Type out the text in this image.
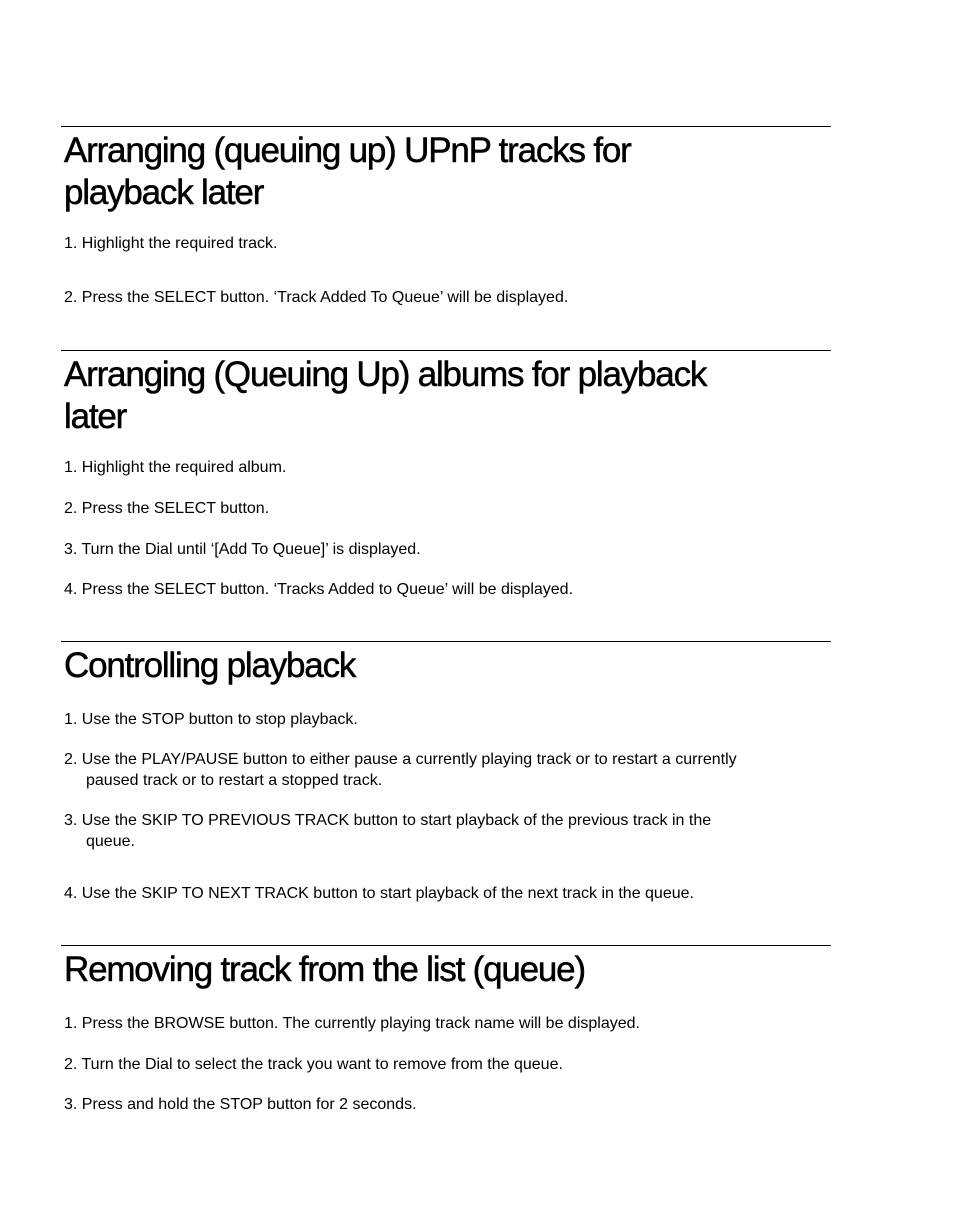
Arranging (queuing up) UPnP tracks for
playback later

1. Highlight the required track.

2. Press the SELECT button. ‘Track Added To Queue’ will be displayed.

Arranging (Queuing Up) albums for playback
later

1. Highlight the required album.

2. Press the SELECT button.

3. Turn the Dial until ‘[Add To Queue]’ is displayed.

4. Press the SELECT button. ‘Tracks Added to Queue’ will be displayed.

Controlling playback

1. Use the STOP button to stop playback.

2. Use the PLAY/PAUSE button to either pause a currently playing track or to restart a currently
paused track or to restart a stopped track.

3. Use the SKIP TO PREVIOUS TRACK button to start playback of the previous track in the
queue.

4. Use the SKIP TO NEXT TRACK button to start playback of the next track in the queue.

Removing track from the list (queue)

1. Press the BROWSE button. The currently playing track name will be displayed.

2. Turn the Dial to select the track you want to remove from the queue.

3. Press and hold the STOP button for 2 seconds.
